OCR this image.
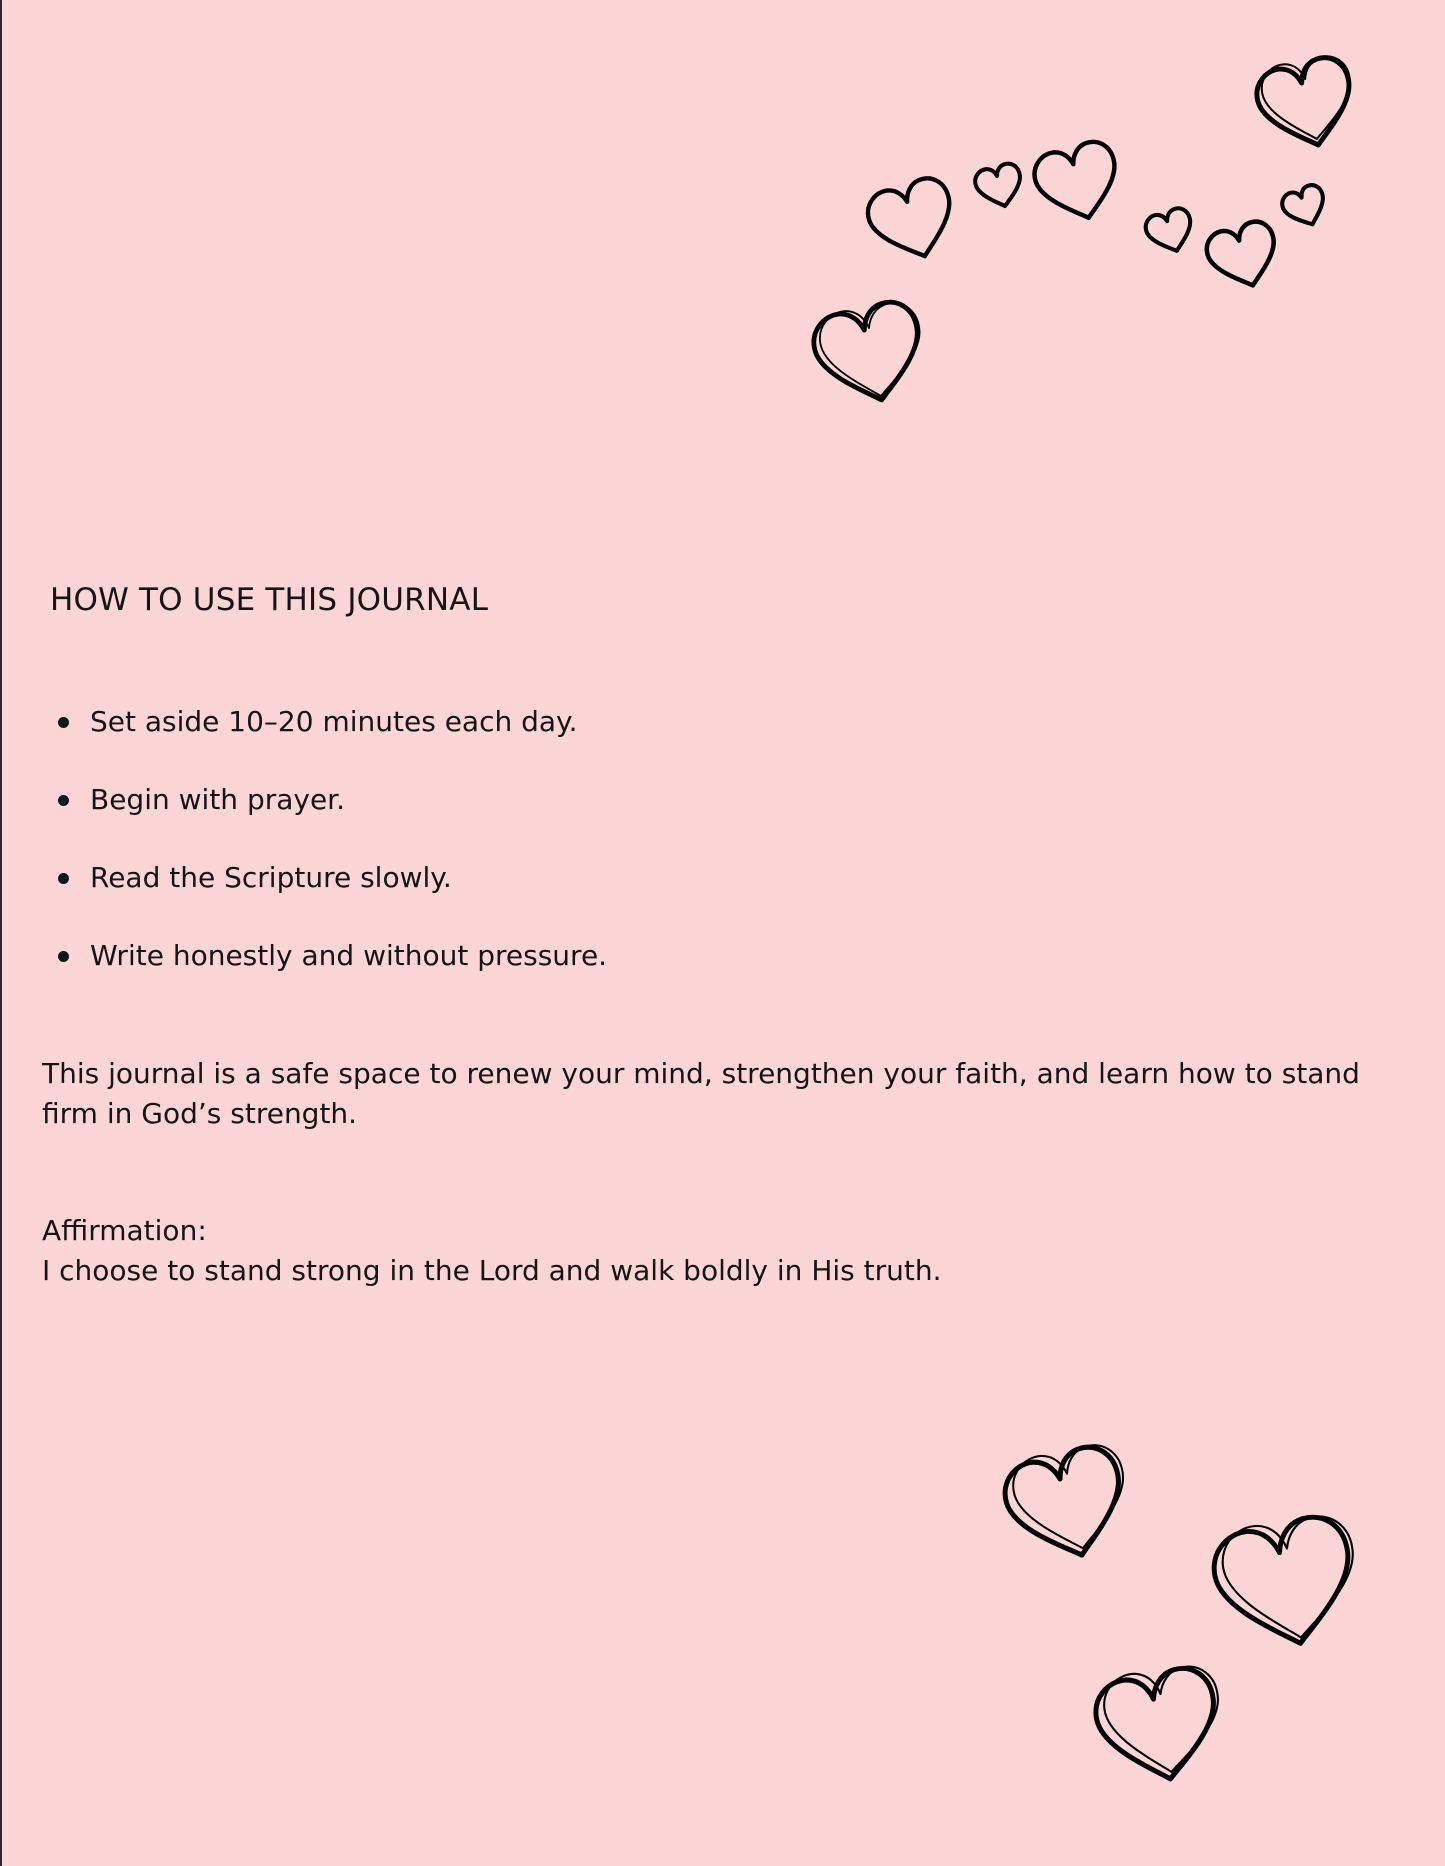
HOW TO USE THIS JOURNAL
Set aside 10–20 minutes each day.
Begin with prayer.
Read the Scripture slowly.
Write honestly and without pressure.

This journal is a safe space to renew your mind, strengthen your faith, and learn how to stand firm in God’s strength.

Affirmation:
I choose to stand strong in the Lord and walk boldly in His truth.
